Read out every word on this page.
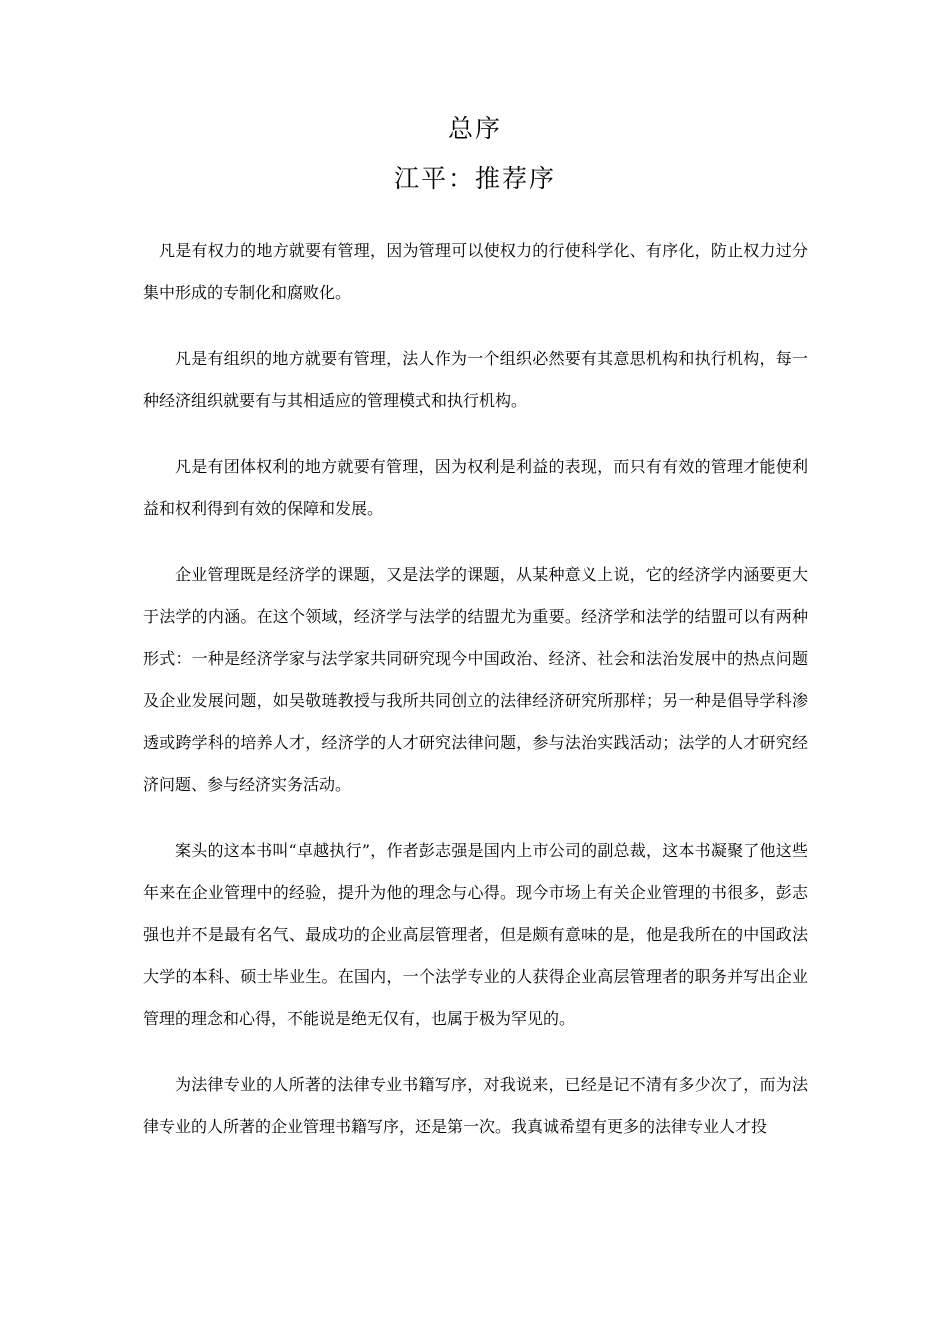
总序
江平：推荐序

凡是有权力的地方就要有管理，因为管理可以使权力的行使科学化、有序化，防止权力过分集中形成的专制化和腐败化。

凡是有组织的地方就要有管理，法人作为一个组织必然要有其意思机构和执行机构，每一种经济组织就要有与其相适应的管理模式和执行机构。

凡是有团体权利的地方就要有管理，因为权利是利益的表现，而只有有效的管理才能使利益和权利得到有效的保障和发展。

企业管理既是经济学的课题，又是法学的课题，从某种意义上说，它的经济学内涵要更大于法学的内涵。在这个领域，经济学与法学的结盟尤为重要。经济学和法学的结盟可以有两种形式：一种是经济学家与法学家共同研究现今中国政治、经济、社会和法治发展中的热点问题及企业发展问题，如吴敬琏教授与我所共同创立的法律经济研究所那样；另一种是倡导学科渗透或跨学科的培养人才，经济学的人才研究法律问题，参与法治实践活动；法学的人才研究经济问题、参与经济实务活动。

案头的这本书叫“卓越执行”，作者彭志强是国内上市公司的副总裁，这本书凝聚了他这些年来在企业管理中的经验，提升为他的理念与心得。现今市场上有关企业管理的书很多，彭志强也并不是最有名气、最成功的企业高层管理者，但是颇有意味的是，他是我所在的中国政法大学的本科、硕士毕业生。在国内，一个法学专业的人获得企业高层管理者的职务并写出企业管理的理念和心得，不能说是绝无仅有，也属于极为罕见的。

为法律专业的人所著的法律专业书籍写序，对我说来，已经是记不清有多少次了，而为法律专业的人所著的企业管理书籍写序，还是第一次。我真诚希望有更多的法律专业人才投
